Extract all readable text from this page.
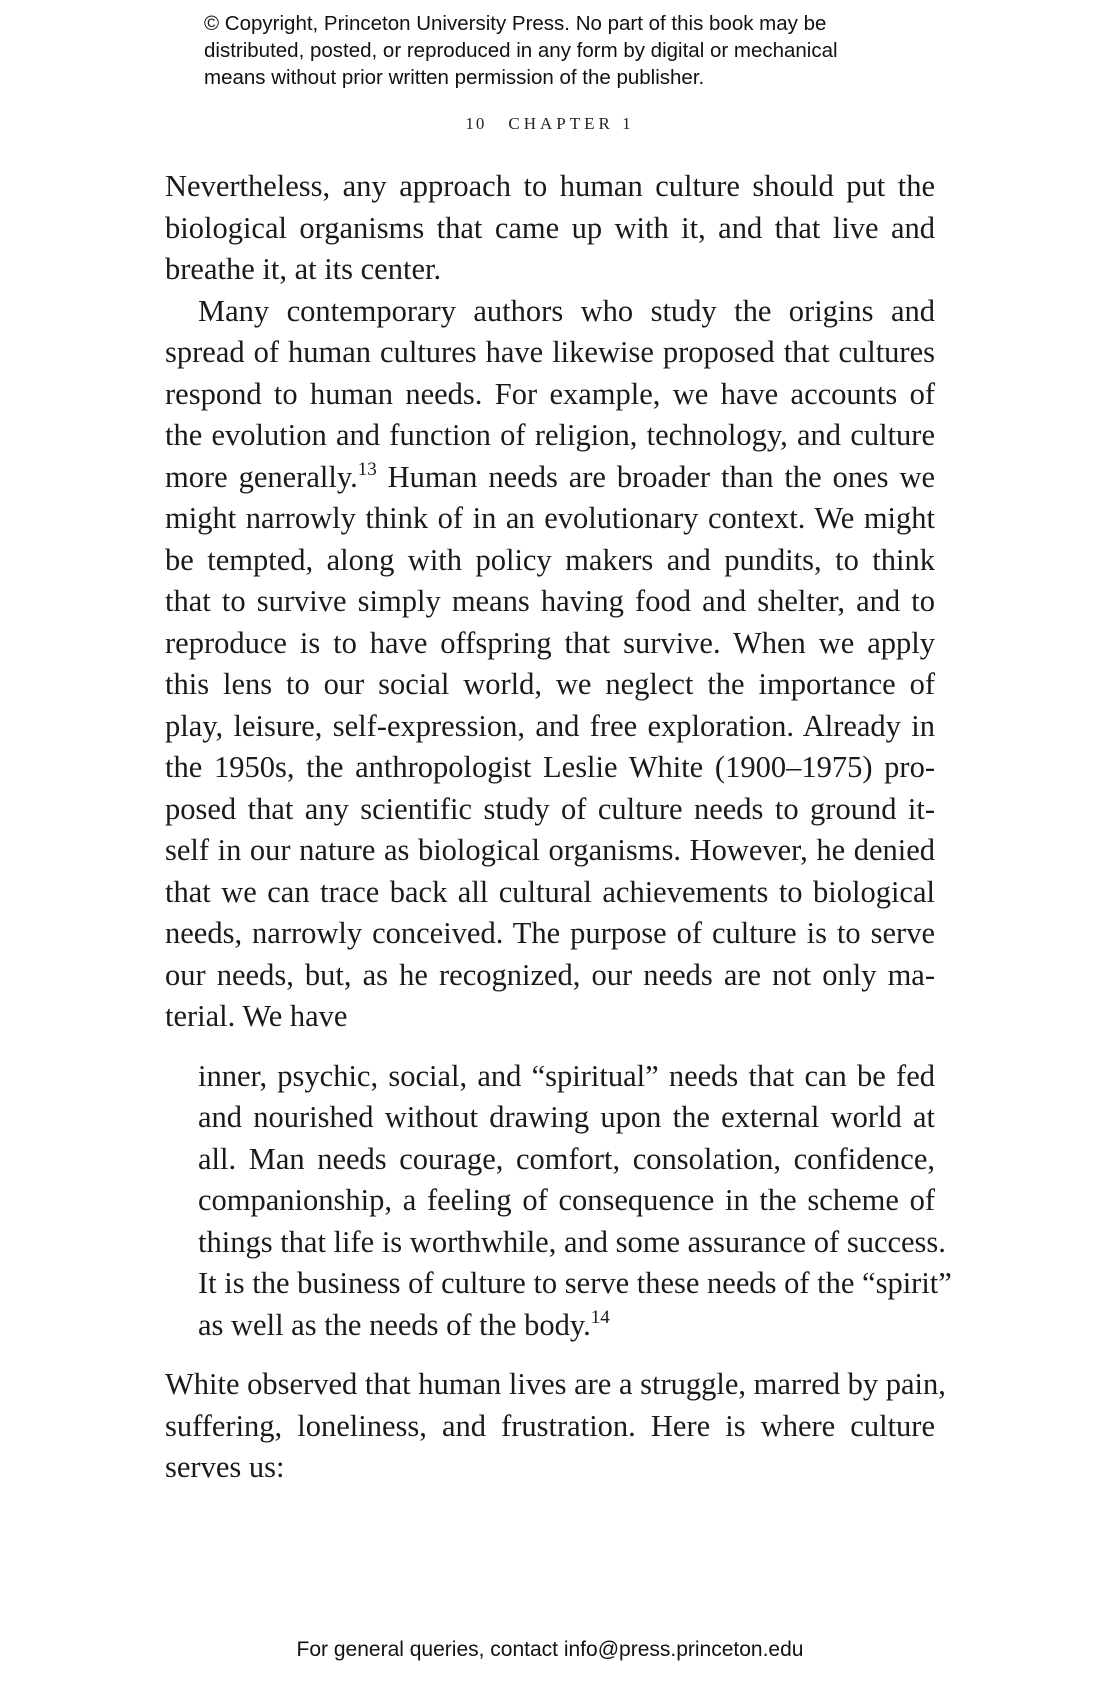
© Copyright, Princeton University Press. No part of this book may be
distributed, posted, or reproduced in any form by digital or mechanical
means without prior written permission of the publisher.
10 CHAPTER 1
Nevertheless, any approach to human culture should put the
biological organisms that came up with it, and that live and
breathe it, at its center.
Many contemporary authors who study the origins and
spread of human cultures have likewise proposed that cultures
respond to human needs. For example, we have accounts of
the evolution and function of religion, technology, and culture
more generally.$^{13}$ Human needs are broader than the ones we
might narrowly think of in an evolutionary context. We might
be tempted, along with policy makers and pundits, to think
that to survive simply means having food and shelter, and to
reproduce is to have offspring that survive. When we apply
this lens to our social world, we neglect the importance of
play, leisure, self-expression, and free exploration. Already in
the 1950s, the anthropologist Leslie White (1900–1975) pro-
posed that any scientific study of culture needs to ground it-
self in our nature as biological organisms. However, he denied
that we can trace back all cultural achievements to biological
needs, narrowly conceived. The purpose of culture is to serve
our needs, but, as he recognized, our needs are not only ma-
terial. We have
inner, psychic, social, and “spiritual” needs that can be fed
and nourished without drawing upon the external world at
all. Man needs courage, comfort, consolation, confidence,
companionship, a feeling of consequence in the scheme of
things that life is worthwhile, and some assurance of success.
It is the business of culture to serve these needs of the “spirit”
as well as the needs of the body.$^{14}$
White observed that human lives are a struggle, marred by pain,
suffering, loneliness, and frustration. Here is where culture
serves us:
For general queries, contact info@press.princeton.edu
